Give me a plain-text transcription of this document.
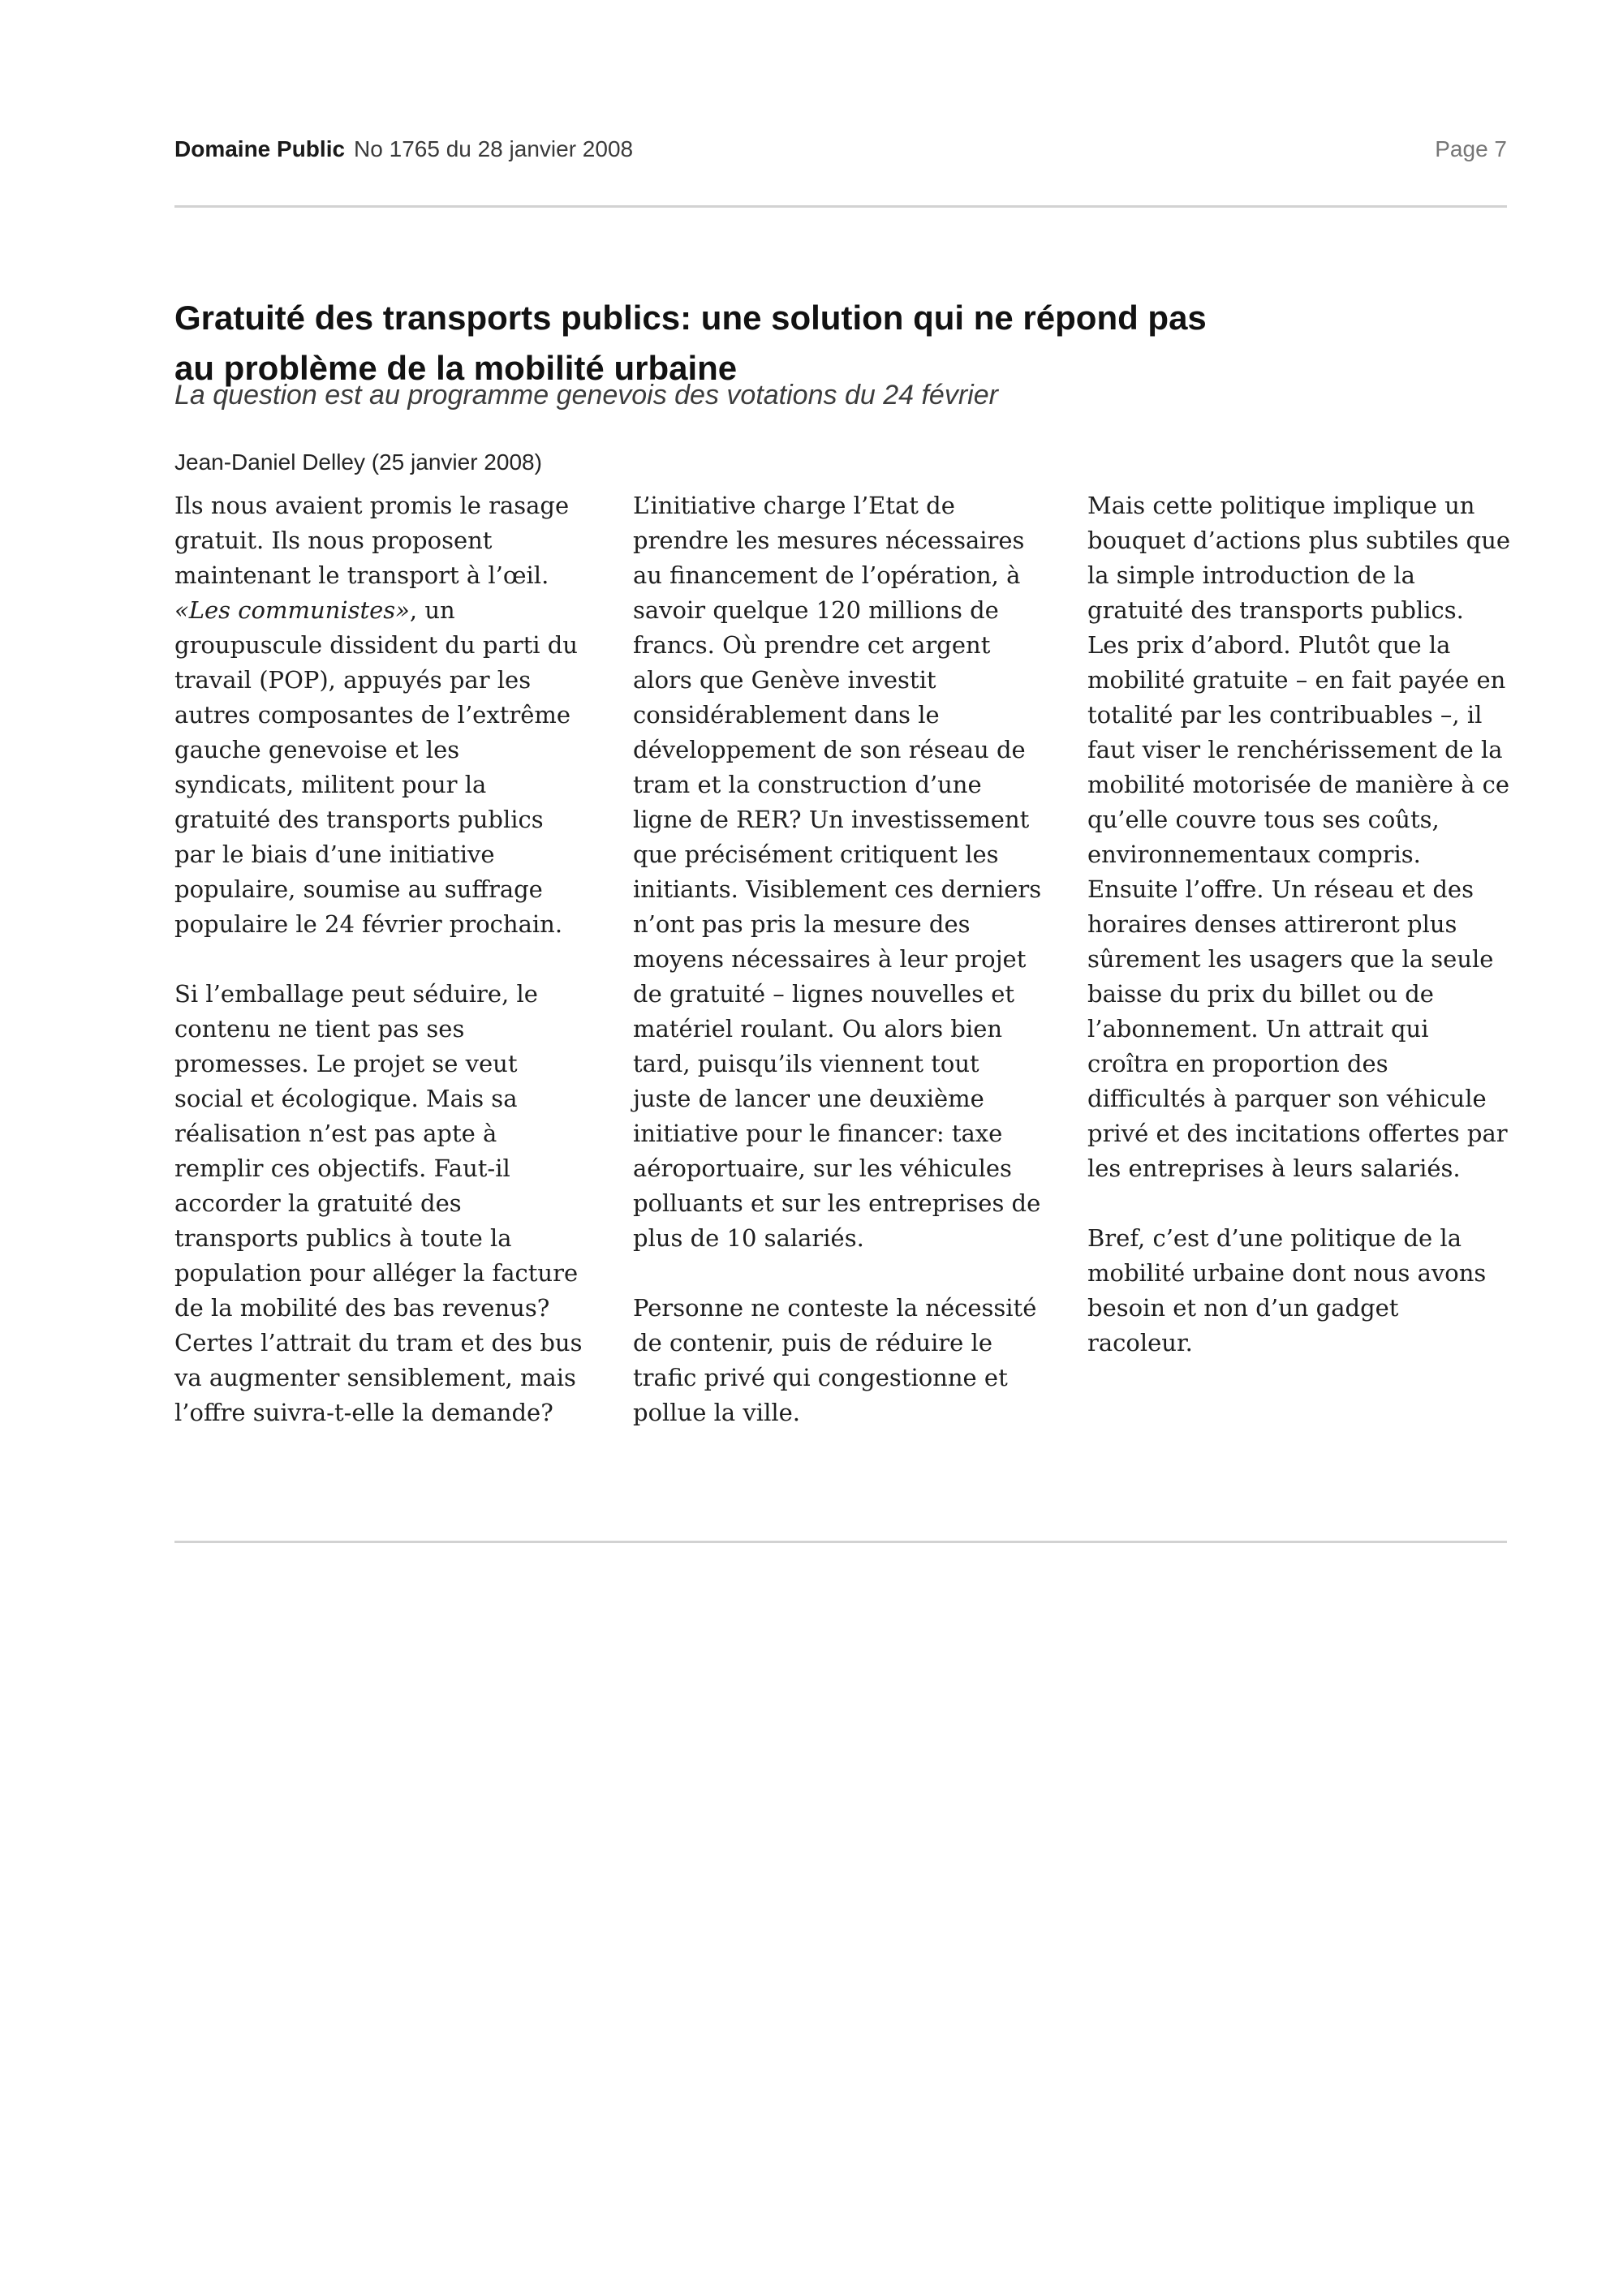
Domaine Public No 1765 du 28 janvier 2008	Page 7
Gratuité des transports publics: une solution qui ne répond pas
au problème de la mobilité urbaine
La question est au programme genevois des votations du 24 février
Jean-Daniel Delley (25 janvier 2008)

Ils nous avaient promis le rasage gratuit. Ils nous proposent maintenant le transport à l’œil. «Les communistes», un groupuscule dissident du parti du travail (POP), appuyés par les autres composantes de l’extrême gauche genevoise et les syndicats, militent pour la gratuité des transports publics par le biais d’une initiative populaire, soumise au suffrage populaire le 24 février prochain.

Si l’emballage peut séduire, le contenu ne tient pas ses promesses. Le projet se veut social et écologique. Mais sa réalisation n’est pas apte à remplir ces objectifs. Faut-il accorder la gratuité des transports publics à toute la population pour alléger la facture de la mobilité des bas revenus? Certes l’attrait du tram et des bus va augmenter sensiblement, mais l’offre suivra-t-elle la demande?

L’initiative charge l’Etat de prendre les mesures nécessaires au financement de l’opération, à savoir quelque 120 millions de francs. Où prendre cet argent alors que Genève investit considérablement dans le développement de son réseau de tram et la construction d’une ligne de RER? Un investissement que précisément critiquent les initiants. Visiblement ces derniers n’ont pas pris la mesure des moyens nécessaires à leur projet de gratuité – lignes nouvelles et matériel roulant. Ou alors bien tard, puisqu’ils viennent tout juste de lancer une deuxième initiative pour le financer: taxe aéroportuaire, sur les véhicules polluants et sur les entreprises de plus de 10 salariés.

Personne ne conteste la nécessité de contenir, puis de réduire le trafic privé qui congestionne et pollue la ville.

Mais cette politique implique un bouquet d’actions plus subtiles que la simple introduction de la gratuité des transports publics. Les prix d’abord. Plutôt que la mobilité gratuite – en fait payée en totalité par les contribuables –, il faut viser le renchérissement de la mobilité motorisée de manière à ce qu’elle couvre tous ses coûts, environnementaux compris. Ensuite l’offre. Un réseau et des horaires denses attireront plus sûrement les usagers que la seule baisse du prix du billet ou de l’abonnement. Un attrait qui croîtra en proportion des difficultés à parquer son véhicule privé et des incitations offertes par les entreprises à leurs salariés.

Bref, c’est d’une politique de la mobilité urbaine dont nous avons besoin et non d’un gadget racoleur.
